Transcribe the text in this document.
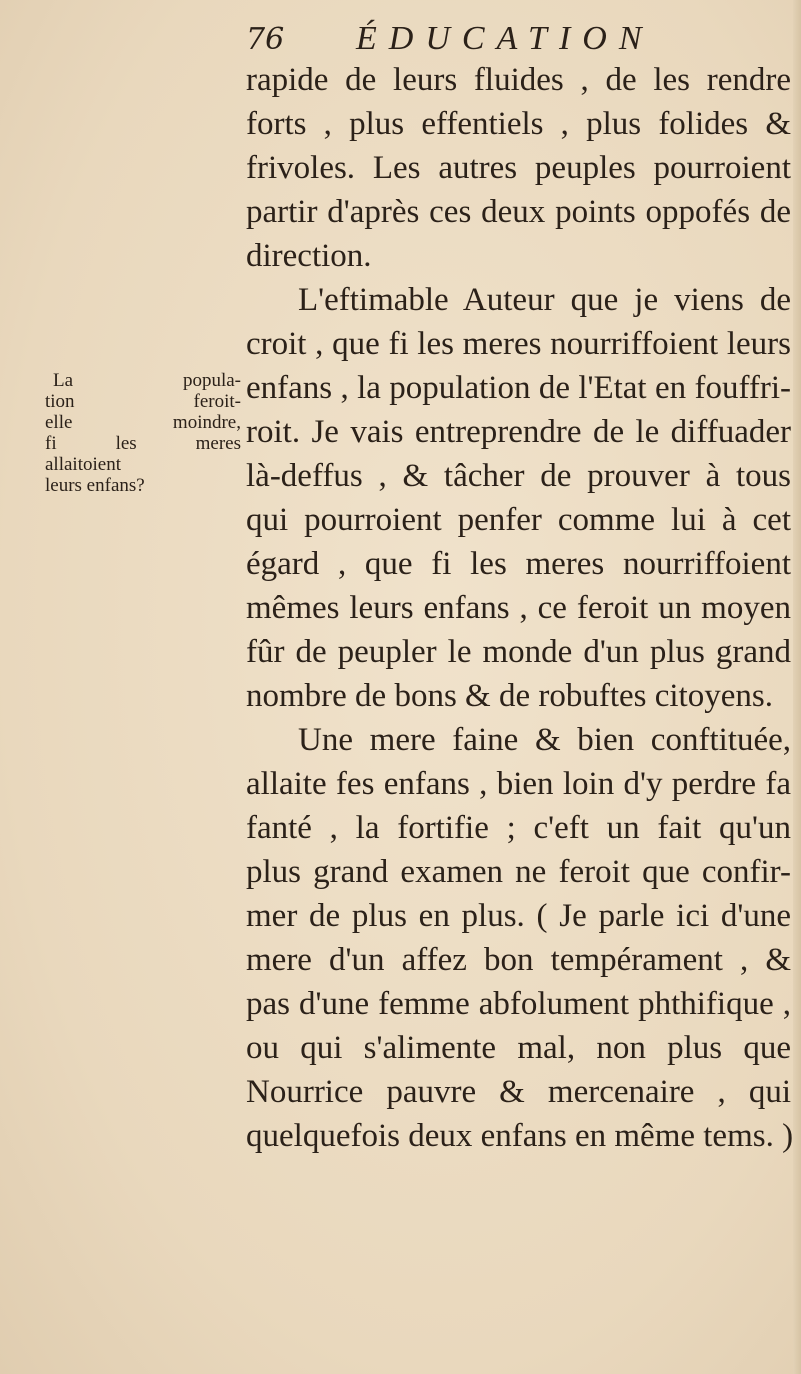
76 ÉDUCATION
La popula-
tion feroit-
elle moindre,
fi les meres
allaitoient
leurs enfans?
rapide de leurs fluides , de les rendre
forts , plus effentiels , plus folides &
frivoles. Les autres peuples pourroient
partir d'après ces deux points oppofés de
direction.
L'eftimable Auteur que je viens de
croit , que fi les meres nourriffoient leurs
enfans , la population de l'Etat en fouffri-
roit. Je vais entreprendre de le diffuader
là-deffus , & tâcher de prouver à tous
qui pourroient penfer comme lui à cet
égard , que fi les meres nourriffoient
mêmes leurs enfans , ce feroit un moyen
fûr de peupler le monde d'un plus grand
nombre de bons & de robuftes citoyens.
Une mere faine & bien conftituée,
allaite fes enfans , bien loin d'y perdre fa
fanté , la fortifie ; c'eft un fait qu'un
plus grand examen ne feroit que confir-
mer de plus en plus. ( Je parle ici d'une
mere d'un affez bon tempérament , &
pas d'une femme abfolument phthifique ,
ou qui s'alimente mal, non plus que
Nourrice pauvre & mercenaire , qui
quelquefois deux enfans en même tems. )
